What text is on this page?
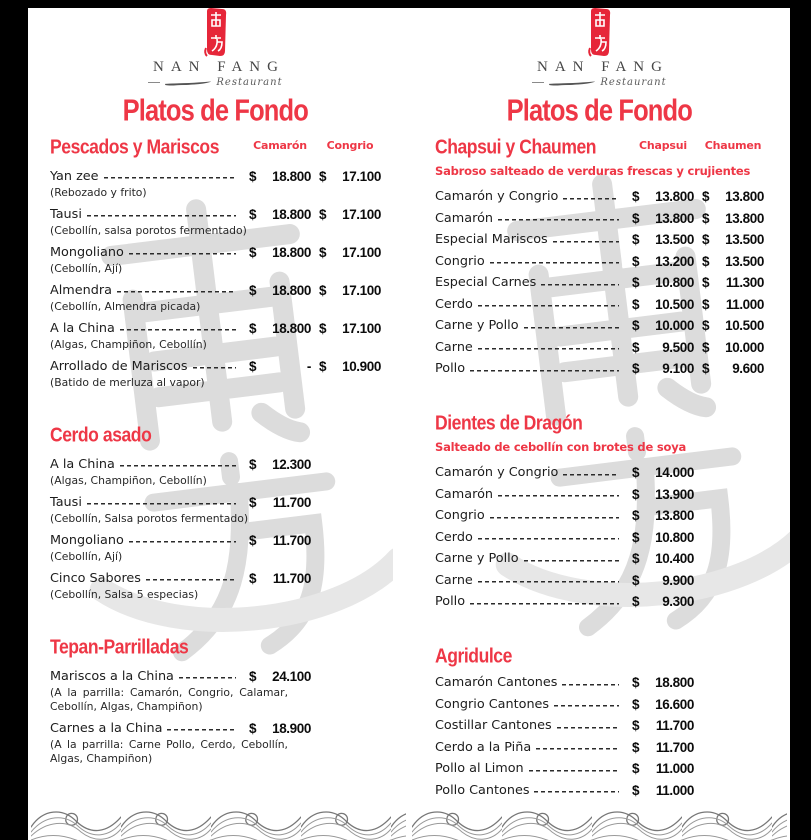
NAN FANG
Restaurant
Platos de Fondo
Pescados y Mariscos	Camarón	Congrio
Yan zee	$ 18.800 $ 17.100
(Rebozado y frito)
Tausi	$ 18.800 $ 17.100
(Cebollín, salsa porotos fermentado)
Mongoliano	$ 18.800 $ 17.100
(Cebollín, Ají)
Almendra	$ 18.800 $ 17.100
(Cebollín, Almendra picada)
A la China	$ 18.800 $ 17.100
(Algas, Champiñon, Cebollín)
Arrollado de Mariscos	$	- $ 10.900
(Batido de merluza al vapor)
Cerdo asado
A la China	$ 12.300
(Algas, Champiñon, Cebollín)
Tausi	$ 11.700
(Cebollín, Salsa porotos fermentado)
Mongoliano	$ 11.700
(Cebollín, Ají)
Cinco Sabores	$ 11.700
(Cebollín, Salsa 5 especias)
Tepan-Parrilladas
Mariscos a la China	$ 24.100
(A la parrilla: Camarón, Congrio, Calamar, Cebollín, Algas, Champiñon)
Carnes a la China	$ 18.900
(A la parrilla: Carne Pollo, Cerdo, Cebollín, Algas, Champiñon)
NAN FANG
Restaurant
Platos de Fondo
Chapsui y Chaumen	Chapsui	Chaumen
Sabroso salteado de verduras frescas y crujientes
Camarón y Congrio	$ 13.800 $ 13.800
Camarón	$ 13.800 $ 13.800
Especial Mariscos	$ 13.500 $ 13.500
Congrio	$ 13.200 $ 13.500
Especial Carnes	$ 10.800 $ 11.300
Cerdo	$ 10.500 $ 11.000
Carne y Pollo	$ 10.000 $ 10.500
Carne	$ 9.500 $ 10.000
Pollo	$ 9.100 $ 9.600
Dientes de Dragón
Salteado de cebollín con brotes de soya
Camarón y Congrio	$ 14.000
Camarón	$ 13.900
Congrio	$ 13.800
Cerdo	$ 10.800
Carne y Pollo	$ 10.400
Carne	$ 9.900
Pollo	$ 9.300
Agridulce
Camarón Cantones	$ 18.800
Congrio Cantones	$ 16.600
Costillar Cantones	$ 11.700
Cerdo a la Piña	$ 11.700
Pollo al Limon	$ 11.000
Pollo Cantones	$ 11.000
